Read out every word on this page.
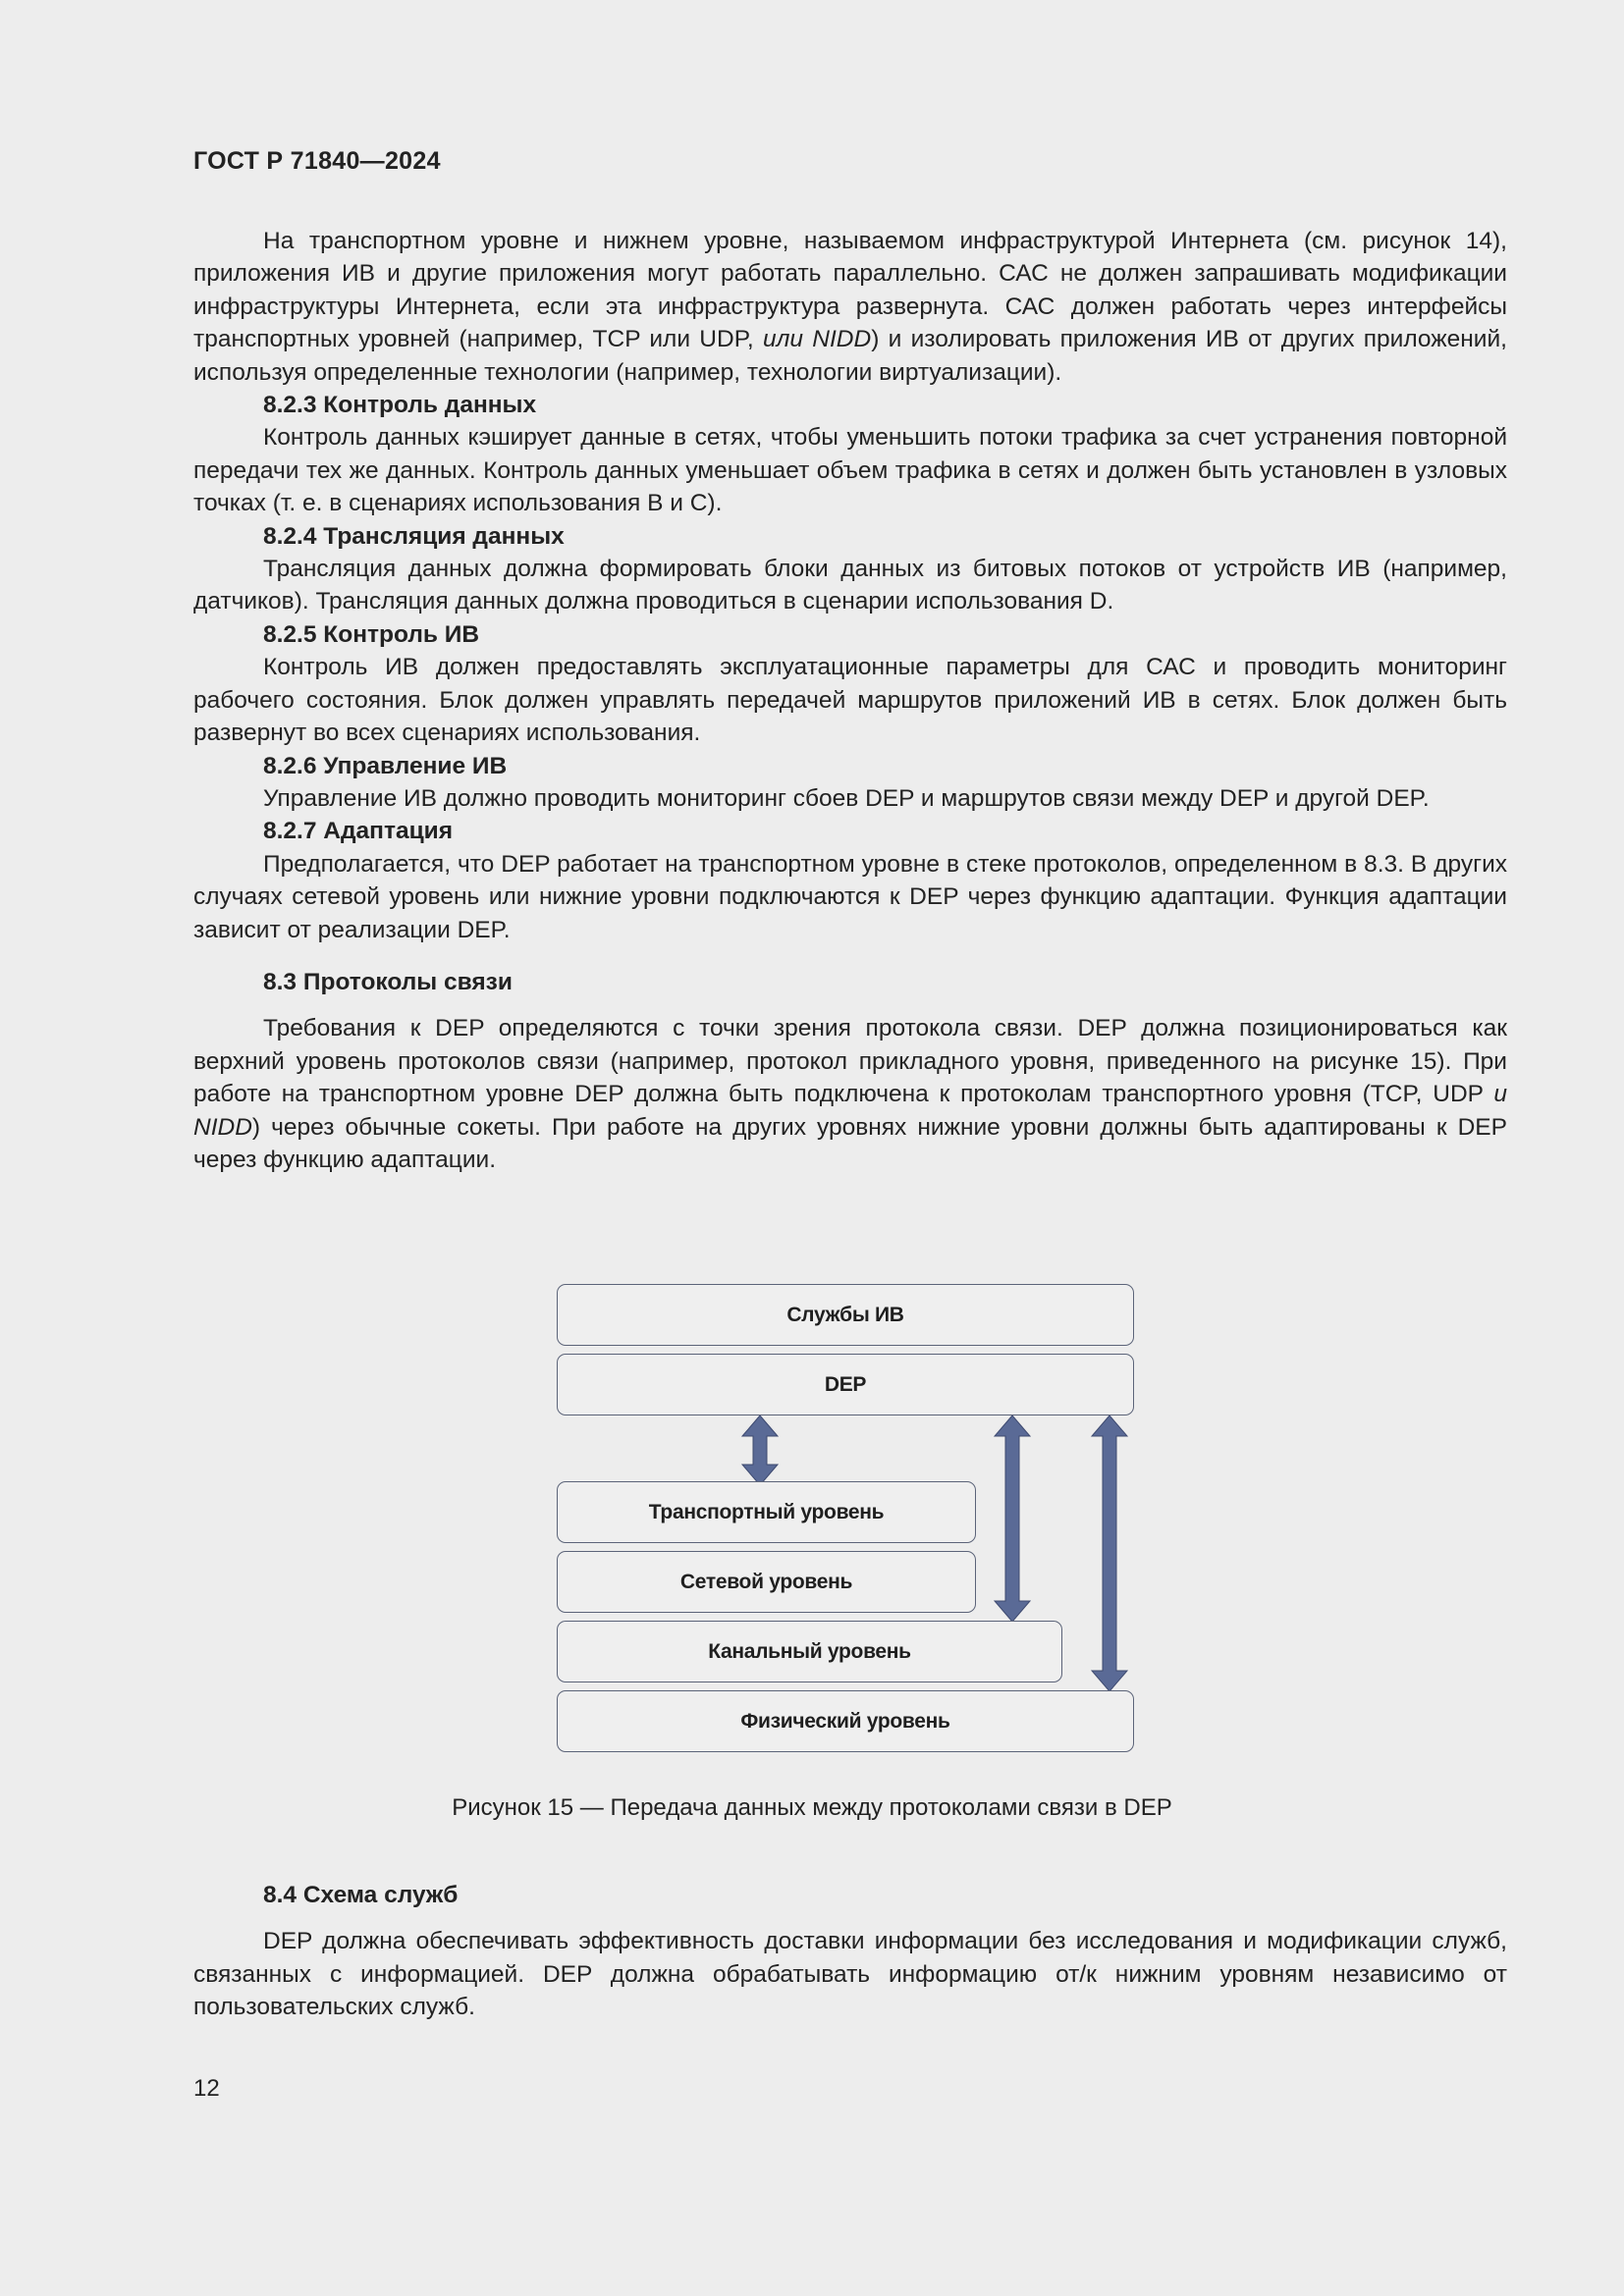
ГОСТ Р 71840—2024

На транспортном уровне и нижнем уровне, называемом инфраструктурой Интернета (см. рисунок 14), приложения ИВ и другие приложения могут работать параллельно. САС не должен запрашивать модификации инфраструктуры Интернета, если эта инфраструктура развернута. САС должен работать через интерфейсы транспортных уровней (например, TCP или UDP, или NIDD) и изолировать приложения ИВ от других приложений, используя определенные технологии (например, технологии виртуализации).

8.2.3 Контроль данных

Контроль данных кэширует данные в сетях, чтобы уменьшить потоки трафика за счет устранения повторной передачи тех же данных. Контроль данных уменьшает объем трафика в сетях и должен быть установлен в узловых точках (т. е. в сценариях использования B и C).

8.2.4 Трансляция данных

Трансляция данных должна формировать блоки данных из битовых потоков от устройств ИВ (например, датчиков). Трансляция данных должна проводиться в сценарии использования D.

8.2.5 Контроль ИВ

Контроль ИВ должен предоставлять эксплуатационные параметры для САС и проводить мониторинг рабочего состояния. Блок должен управлять передачей маршрутов приложений ИВ в сетях. Блок должен быть развернут во всех сценариях использования.

8.2.6 Управление ИВ

Управление ИВ должно проводить мониторинг сбоев DEP и маршрутов связи между DEP и другой DEP.

8.2.7 Адаптация

Предполагается, что DEP работает на транспортном уровне в стеке протоколов, определенном в 8.3. В других случаях сетевой уровень или нижние уровни подключаются к DEP через функцию адаптации. Функция адаптации зависит от реализации DEP.

8.3 Протоколы связи

Требования к DEP определяются с точки зрения протокола связи. DEP должна позиционироваться как верхний уровень протоколов связи (например, протокол прикладного уровня, приведенного на рисунке 15). При работе на транспортном уровне DEP должна быть подключена к протоколам транспортного уровня (TCP, UDP и NIDD) через обычные сокеты. При работе на других уровнях нижние уровни должны быть адаптированы к DEP через функцию адаптации.

Службы ИВ
DEP
Транспортный уровень
Сетевой уровень
Канальный уровень
Физический уровень
Рисунок 15 — Передача данных между протоколами связи в DEP

8.4 Схема служб

DEP должна обеспечивать эффективность доставки информации без исследования и модификации служб, связанных с информацией. DEP должна обрабатывать информацию от/к нижним уровням независимо от пользовательских служб.

12
